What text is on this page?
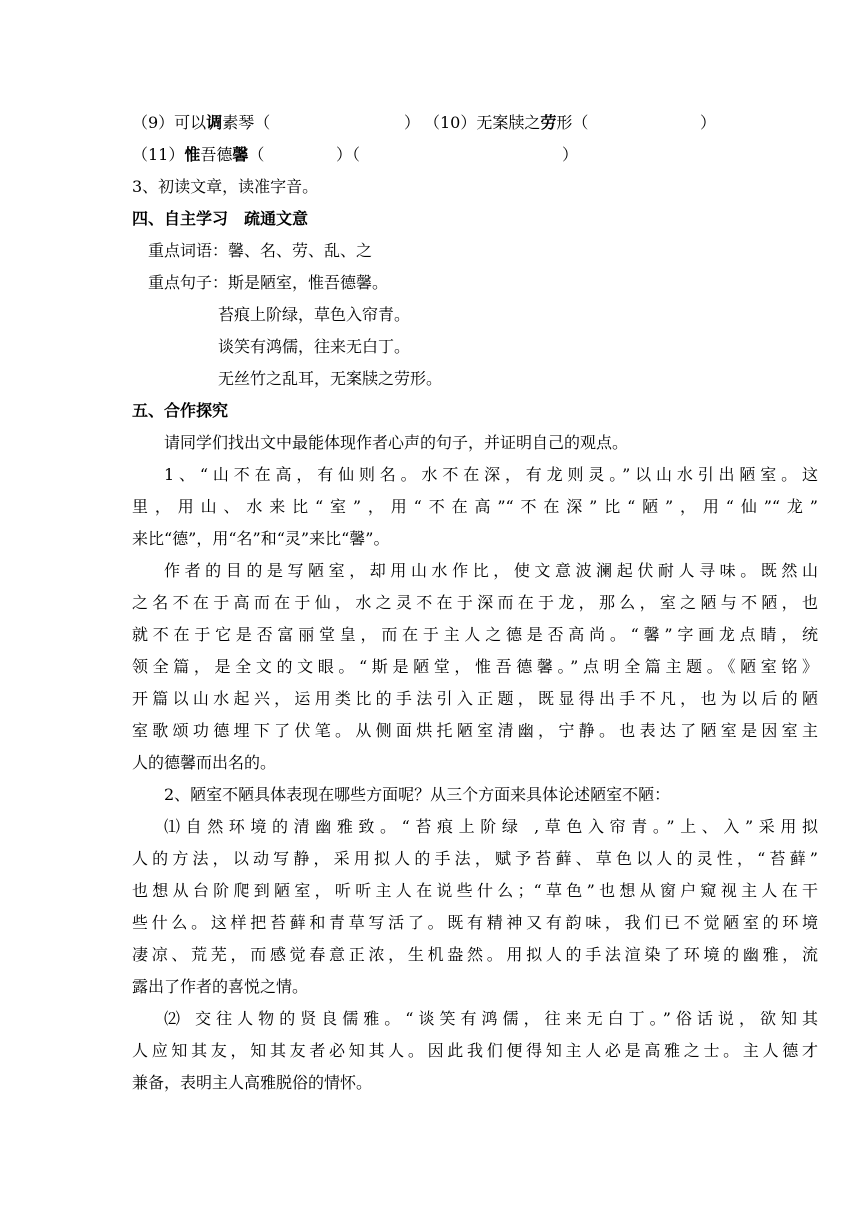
（9）可以调素琴（	） （10）无案牍之劳形（	）
（11）惟吾德馨（	）（	）
3、初读文章，读准字音。
四、自主学习　疏通文意
重点词语：馨、名、劳、乱、之
重点句子：斯是陋室，惟吾德馨。
苔痕上阶绿，草色入帘青。
谈笑有鸿儒，往来无白丁。
无丝竹之乱耳，无案牍之劳形。
五、合作探究
请同学们找出文中最能体现作者心声的句子，并证明自己的观点。
1、“山不在高，有仙则名。水不在深，有龙则灵。”以山水引出陋室。这
里，用山、水来比“室”，用“不在高”“不在深”比“陋”，用“仙”“龙”
来比“德”，用“名”和“灵”来比“馨”。
作者的目的是写陋室，却用山水作比，使文意波澜起伏耐人寻味。既然山
之名不在于高而在于仙，水之灵不在于深而在于龙，那么，室之陋与不陋，也
就不在于它是否富丽堂皇，而在于主人之德是否高尚。“馨”字画龙点睛，统
领全篇，是全文的文眼。“斯是陋堂，惟吾德馨。”点明全篇主题。《陋室铭》
开篇以山水起兴，运用类比的手法引入正题，既显得出手不凡，也为以后的陋
室歌颂功德埋下了伏笔。从侧面烘托陋室清幽，宁静。也表达了陋室是因室主
人的德馨而出名的。
2、陋室不陋具体表现在哪些方面呢？从三个方面来具体论述陋室不陋：
⑴自然环境的清幽雅致。“苔痕上阶绿 ,草色入帘青。”上、入”采用拟
人的方法，以动写静，采用拟人的手法，赋予苔藓、草色以人的灵性，“苔藓”
也想从台阶爬到陋室，听听主人在说些什么；“草色”也想从窗户窥视主人在干
些什么。这样把苔藓和青草写活了。既有精神又有韵味，我们已不觉陋室的环境
凄凉、荒芜，而感觉春意正浓，生机盎然。用拟人的手法渲染了环境的幽雅，流
露出了作者的喜悦之情。
⑵ 交往人物的贤良儒雅。“谈笑有鸿儒，往来无白丁。”俗话说，欲知其
人应知其友，知其友者必知其人。因此我们便得知主人必是高雅之士。主人德才
兼备，表明主人高雅脱俗的情怀。
